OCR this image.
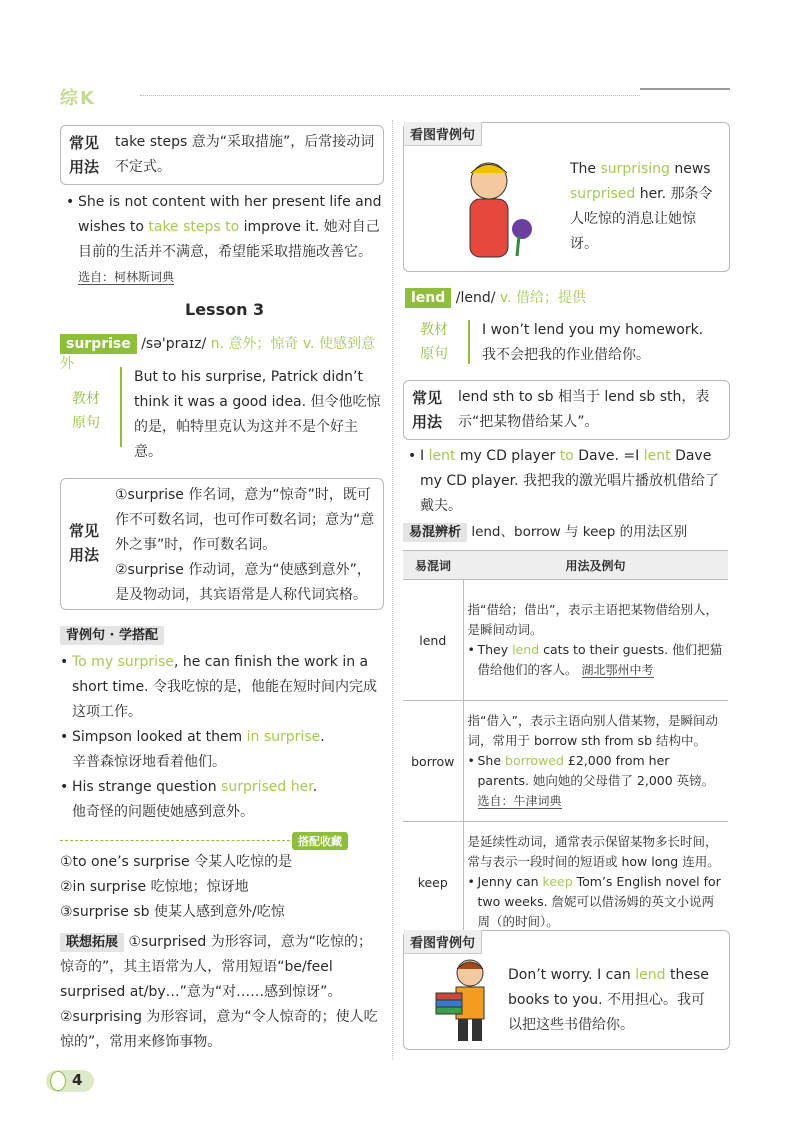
综K
常见
用法
take steps 意为“采取措施”，后常接动词不定式。
She is not content with her present life and wishes to take steps to improve it. 她对自己目前的生活并不满意，希望能采取措施改善它。 选自：柯林斯词典
Lesson 3
surprise /sə'praɪz/ n. 意外；惊奇 v. 使感到意外
教材
原句
But to his surprise, Patrick didn’t think it was a good idea. 但令他吃惊的是，帕特里克认为这并不是个好主意。
常见
用法
①surprise 作名词，意为“惊奇”时，既可作不可数名词，也可作可数名词；意为“意外之事”时，作可数名词。
②surprise 作动词，意为“使感到意外”，是及物动词，其宾语常是人称代词宾格。
背例句 · 学搭配
To my surprise, he can finish the work in a short time. 令我吃惊的是，他能在短时间内完成这项工作。
Simpson looked at them in surprise.
辛普森惊讶地看着他们。
His strange question surprised her.
他奇怪的问题使她感到意外。
搭配收藏
①to one’s surprise 令某人吃惊的是
②in surprise 吃惊地；惊讶地
③surprise sb 使某人感到意外/吃惊
联想拓展 ①surprised 为形容词，意为“吃惊的；惊奇的”，其主语常为人，常用短语“be/feel surprised at/by…”意为“对……感到惊讶”。
②surprising 为形容词，意为“令人惊奇的；使人吃惊的”，常用来修饰事物。
看图背例句
The surprising news surprised her. 那条令人吃惊的消息让她惊讶。
lend /lend/ v. 借给；提供
教材
原句
I won’t lend you my homework.
我不会把我的作业借给你。
常见
用法
lend sth to sb 相当于 lend sb sth，表示“把某物借给某人”。
I lent my CD player to Dave. =I lent Dave my CD player. 我把我的激光唱片播放机借给了戴夫。
易混辨析 lend、borrow 与 keep 的用法区别
易混词	用法及例句
lend	指“借给；借出”，表示主语把某物借给别人，是瞬间动词。
• They lend cats to their guests. 他们把猫借给他们的客人。 湖北鄂州中考

borrow	指“借入”，表示主语向别人借某物，是瞬间动词，常用于 borrow sth from sb 结构中。
• She borrowed £2,000 from her parents. 她向她的父母借了 2,000 英镑。 选自：牛津词典

keep	是延续性动词，通常表示保留某物多长时间，常与表示一段时间的短语或 how long 连用。
• Jenny can keep Tom’s English novel for two weeks. 詹妮可以借汤姆的英文小说两周（的时间）。
看图背例句
Don’t worry. I can lend these books to you. 不用担心。我可以把这些书借给你。
4
